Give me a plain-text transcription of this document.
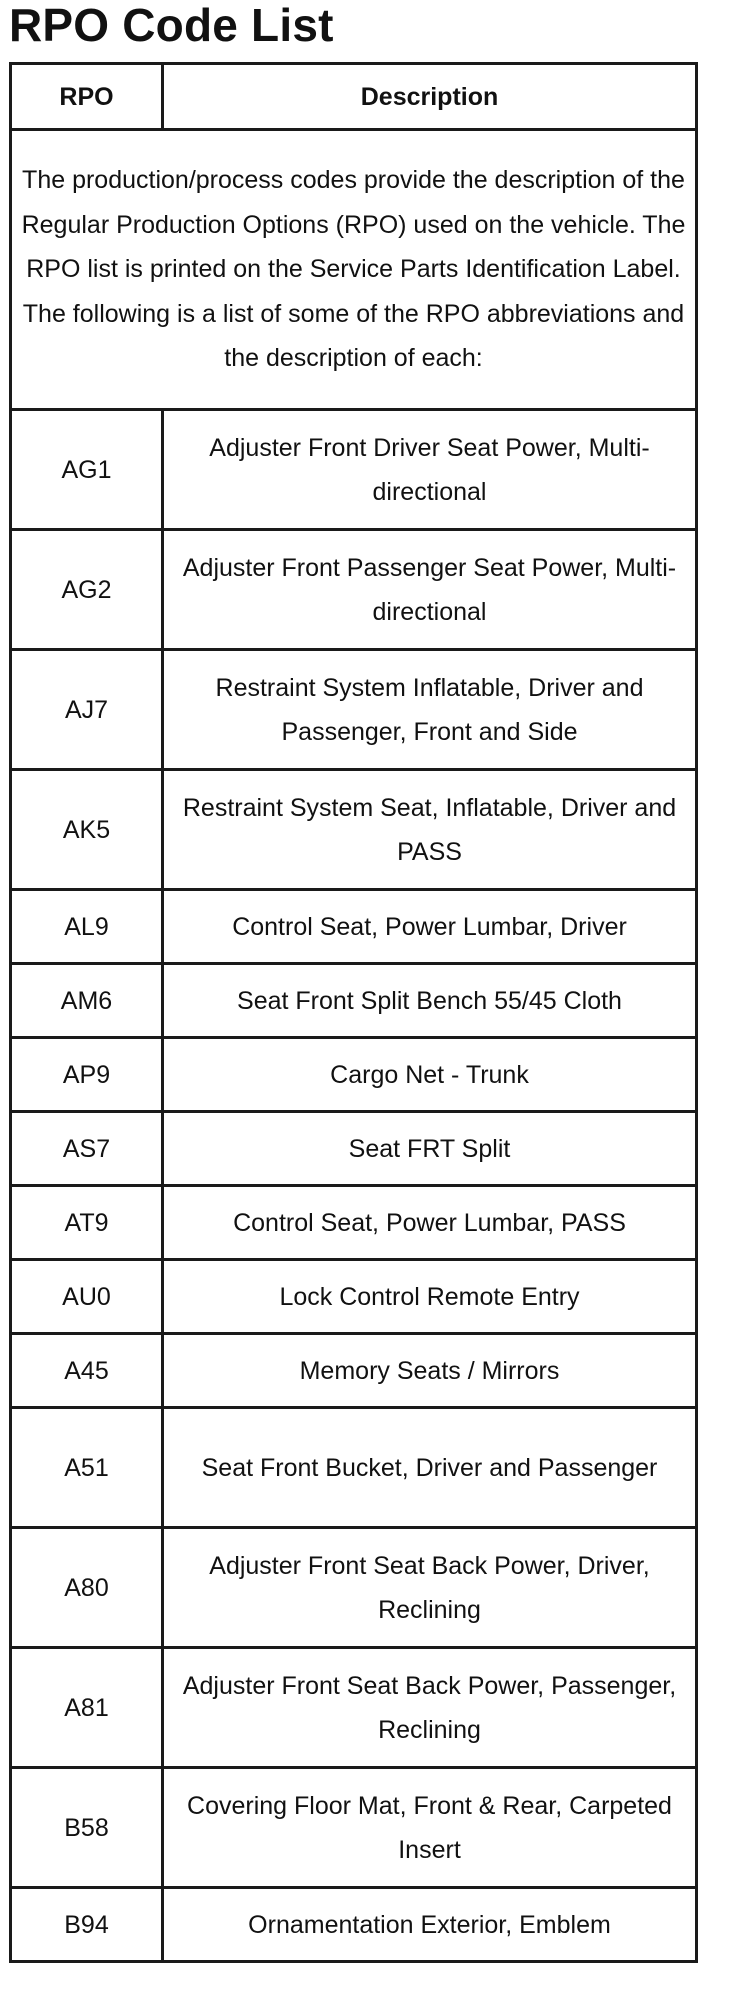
RPO Code List
RPO	Description
The production/process codes provide the description of the Regular Production Options (RPO) used on the vehicle. The RPO list is printed on the Service Parts Identification Label. The following is a list of some of the RPO abbreviations and the description of each:	
AG1	Adjuster Front Driver Seat Power, Multi-directional
AG2	Adjuster Front Passenger Seat Power, Multi-directional
AJ7	Restraint System Inflatable, Driver and Passenger, Front and Side
AK5	Restraint System Seat, Inflatable, Driver and PASS
AL9	Control Seat, Power Lumbar, Driver
AM6	Seat Front Split Bench 55/45 Cloth
AP9	Cargo Net - Trunk
AS7	Seat FRT Split
AT9	Control Seat, Power Lumbar, PASS
AU0	Lock Control Remote Entry
A45	Memory Seats / Mirrors
A51	Seat Front Bucket, Driver and Passenger
A80	Adjuster Front Seat Back Power, Driver, Reclining
A81	Adjuster Front Seat Back Power, Passenger, Reclining
B58	Covering Floor Mat, Front & Rear, Carpeted Insert
B94	Ornamentation Exterior, Emblem
